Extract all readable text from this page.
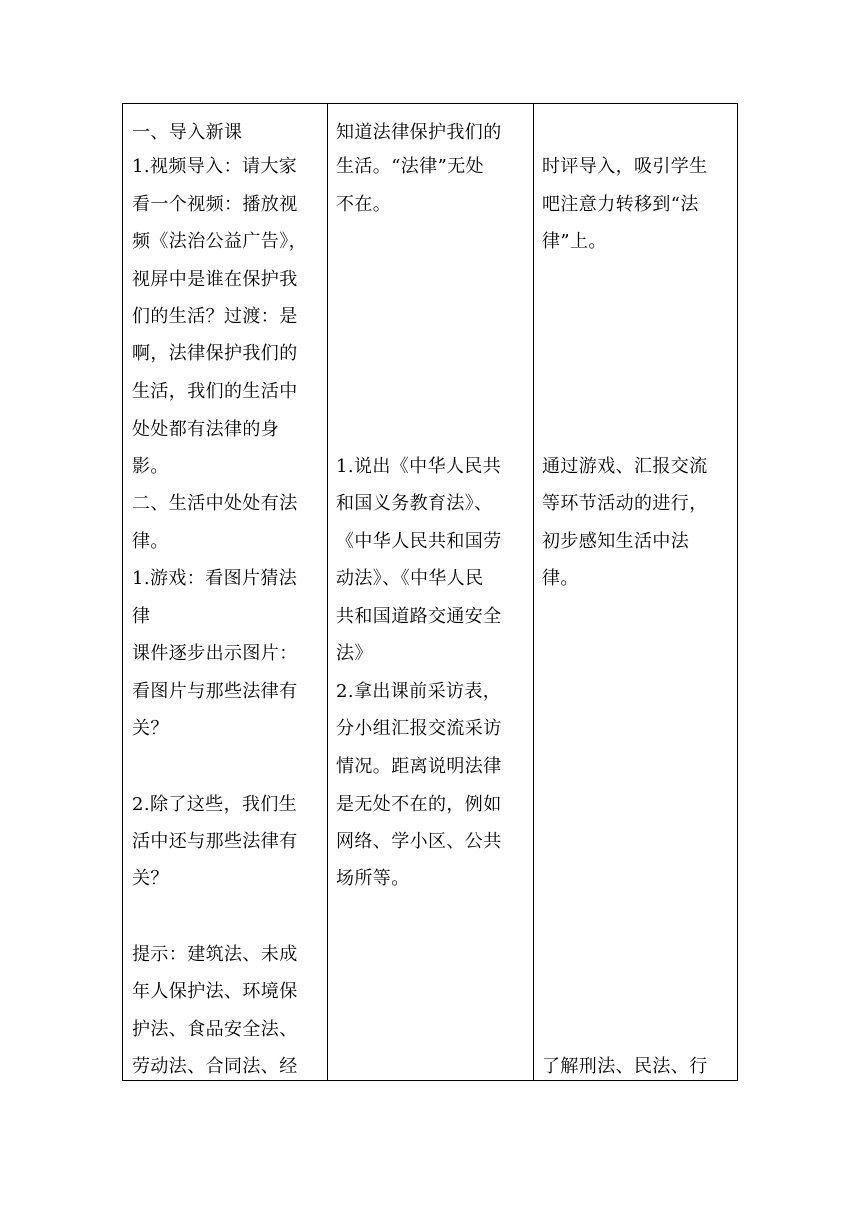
一、导入新课
1.视频导入：请大家
看一个视频：播放视
频《法治公益广告》，
视屏中是谁在保护我
们的生活？过渡：是
啊，法律保护我们的
生活，我们的生活中
处处都有法律的身
影。
二、生活中处处有法
律。
1.游戏：看图片猜法
律
课件逐步出示图片：
看图片与那些法律有
关？
2.除了这些，我们生
活中还与那些法律有
关？
提示：建筑法、未成
年人保护法、环境保
护法、食品安全法、
劳动法、合同法、经
知道法律保护我们的
生活。“法律”无处
不在。
1.说出《中华人民共
和国义务教育法》、
《中华人民共和国劳
动法》、《中华人民
共和国道路交通安全
法》
2.拿出课前采访表，
分小组汇报交流采访
情况。距离说明法律
是无处不在的，例如
网络、学小区、公共
场所等。
时评导入，吸引学生
吧注意力转移到“法
律”上。
通过游戏、汇报交流
等环节活动的进行，
初步感知生活中法
律。
了解刑法、民法、行
